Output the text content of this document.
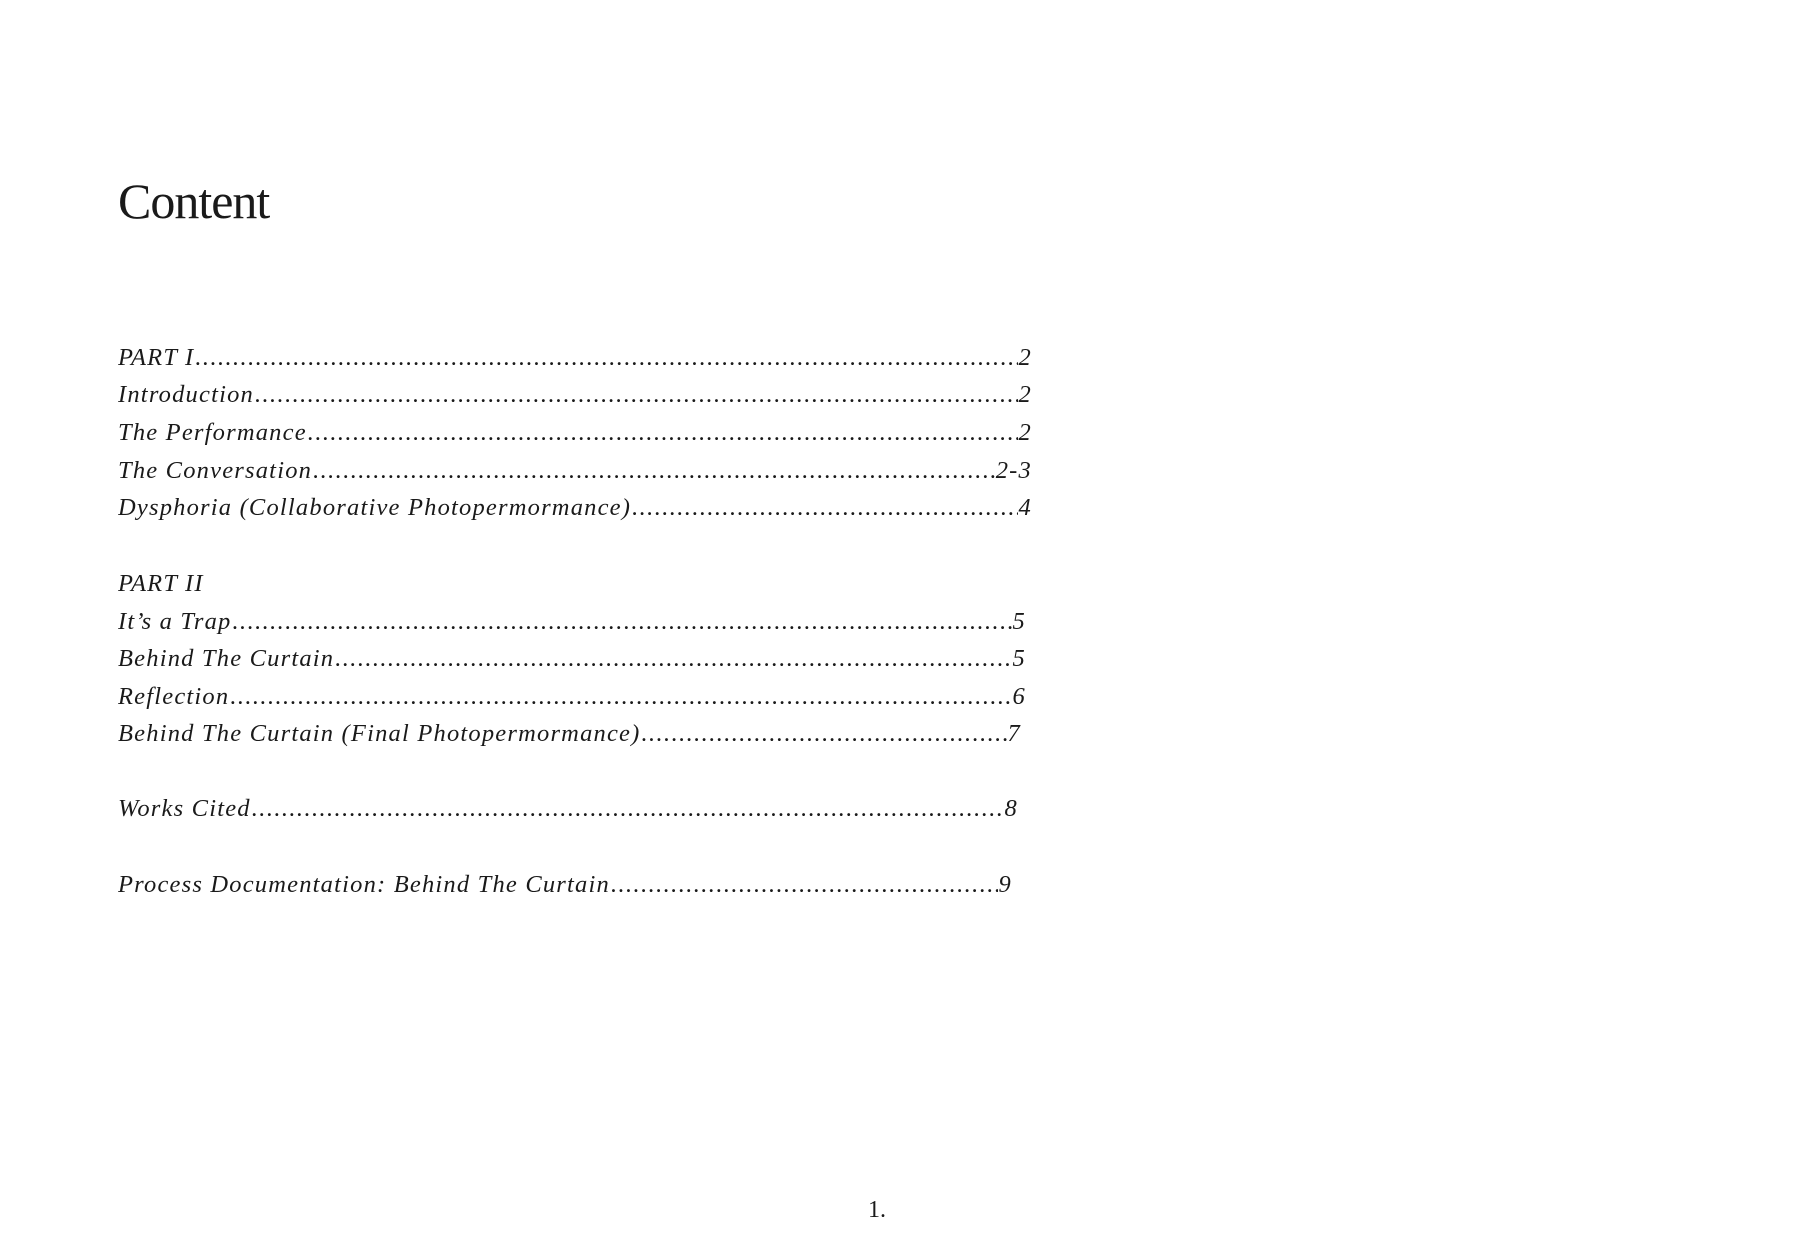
Content
PART I .....	2
Introduction .....	2
The Performance .....	2
The Conversation .....	2-3
Dysphoria (Collaborative Photopermormance) .....	4
PART II
It’s a Trap .....	5
Behind The Curtain .....	5
Reflection .....	6
Behind The Curtain (Final Photopermormance) .....	7
Works Cited .....	8
Process Documentation: Behind The Curtain .....	9
1.
